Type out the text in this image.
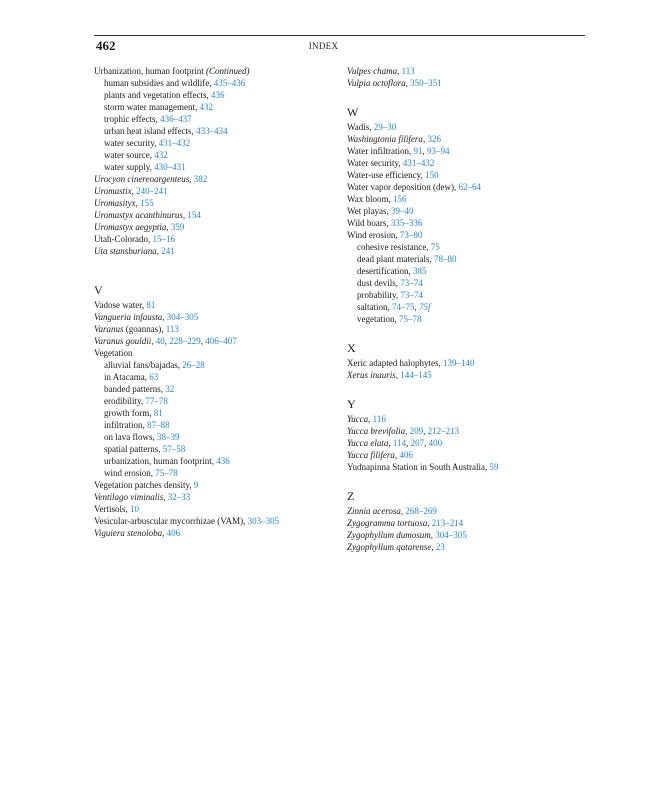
462	INDEX
Urbanization, human footprint (Continued)
human subsidies and wildlife, 435–436
plants and vegetation effects, 436
storm water management, 432
trophic effects, 436–437
urban heat island effects, 433–434
water security, 431–432
water source, 432
water supply, 430–431
Urocyon cinereoargenteus, 382
Uromastix, 240–241
Uromasityx, 155
Uromastyx acanthinurus, 154
Uromastyx aegyptia, 359
Utah-Colorado, 15–16
Uta stansburiana, 241
V
Vadose water, 81
Vangueria infausta, 304–305
Varanus (goannas), 113
Varanus gouldii, 40, 228–229, 406–407
Vegetation
alluvial fans/bajadas, 26–28
in Atacama, 63
banded patterns, 32
erodibility, 77–78
growth form, 81
infiltration, 87–88
on lava flows, 38–39
spatial patterns, 57–58
urbanization, human footprint, 436
wind erosion, 75–78
Vegetation patches density, 9
Ventilago viminalis, 32–33
Vertisols, 10
Vesicular-arbuscular mycorrhizae (VAM), 303–305
Viguiera stenoloba, 406
Vulpes chama, 113
Vulpia octoflora, 350–351
W
Wadis, 29–30
Washingtonia filifera, 326
Water infiltration, 91, 93–94
Water security, 431–432
Water-use efficiency, 150
Water vapor deposition (dew), 62–64
Wax bloom, 156
Wet playas, 39–40
Wild boars, 335–336
Wind erosion, 73–80
cohesive resistance, 75
dead plant materials, 78–80
desertification, 385
dust devils, 73–74
probability, 73–74
saltation, 74–75, 75f
vegetation, 75–78
X
Xeric adapted halophytes, 139–140
Xerus inauris, 144–145
Y
Yucca, 116
Yucca brevifolia, 209, 212–213
Yucca elata, 114, 207, 400
Yucca filifera, 406
Yudnapinna Station in South Australia, 59
Z
Zinnia acerosa, 268–269
Zygogramma tortuosa, 213–214
Zygophyllum dumosum, 304–305
Zygophyllum qatarense, 23
